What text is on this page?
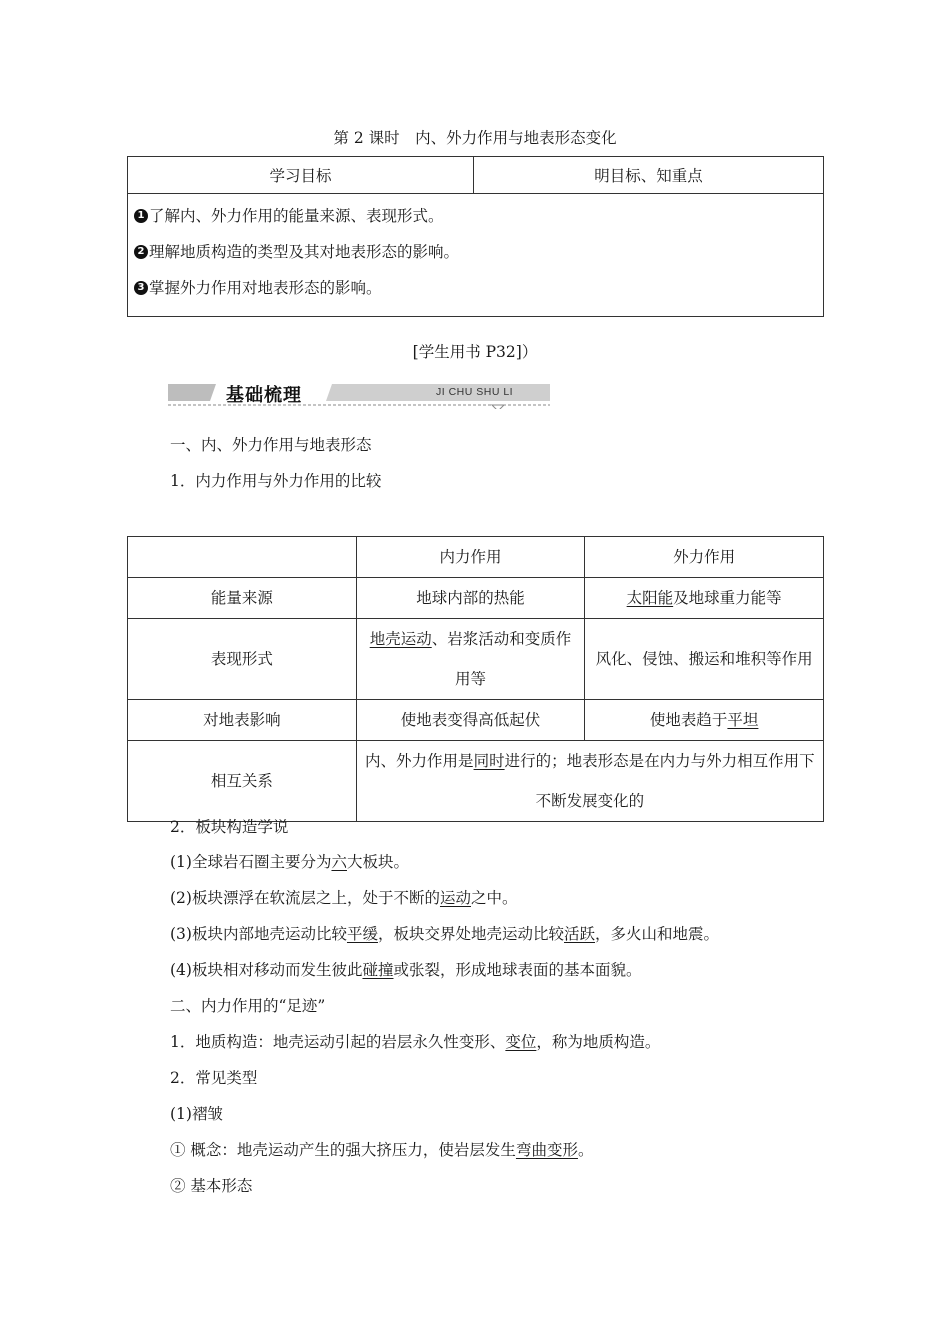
第 2 课时　内、外力作用与地表形态变化
学习目标	明目标、知重点

1 了解内、外力作用的能量来源、表现形式。
2 理解地质构造的类型及其对地表形态的影响。
3 掌握外力作用对地表形态的影响。
[学生用书 P32]）
基础梳理	JI CHU SHU LI
一、内、外力作用与地表形态
1．内力作用与外力作用的比较
	内力作用	外力作用
能量来源	地球内部的热能	太阳能及地球重力能等
表现形式	地壳运动、岩浆活动和变质作用等	风化、侵蚀、搬运和堆积等作用
对地表影响	使地表变得高低起伏	使地表趋于平坦
相互关系	内、外力作用是同时进行的；地表形态是在内力与外力相互作用下不断发展变化的	
2．板块构造学说
(1)全球岩石圈主要分为六大板块。
(2)板块漂浮在软流层之上，处于不断的运动之中。
(3)板块内部地壳运动比较平缓，板块交界处地壳运动比较活跃，多火山和地震。
(4)板块相对移动而发生彼此碰撞或张裂，形成地球表面的基本面貌。
二、内力作用的“足迹”
1．地质构造：地壳运动引起的岩层永久性变形、变位，称为地质构造。
2．常见类型
(1)褶皱
① 概念：地壳运动产生的强大挤压力，使岩层发生弯曲变形。
② 基本形态
